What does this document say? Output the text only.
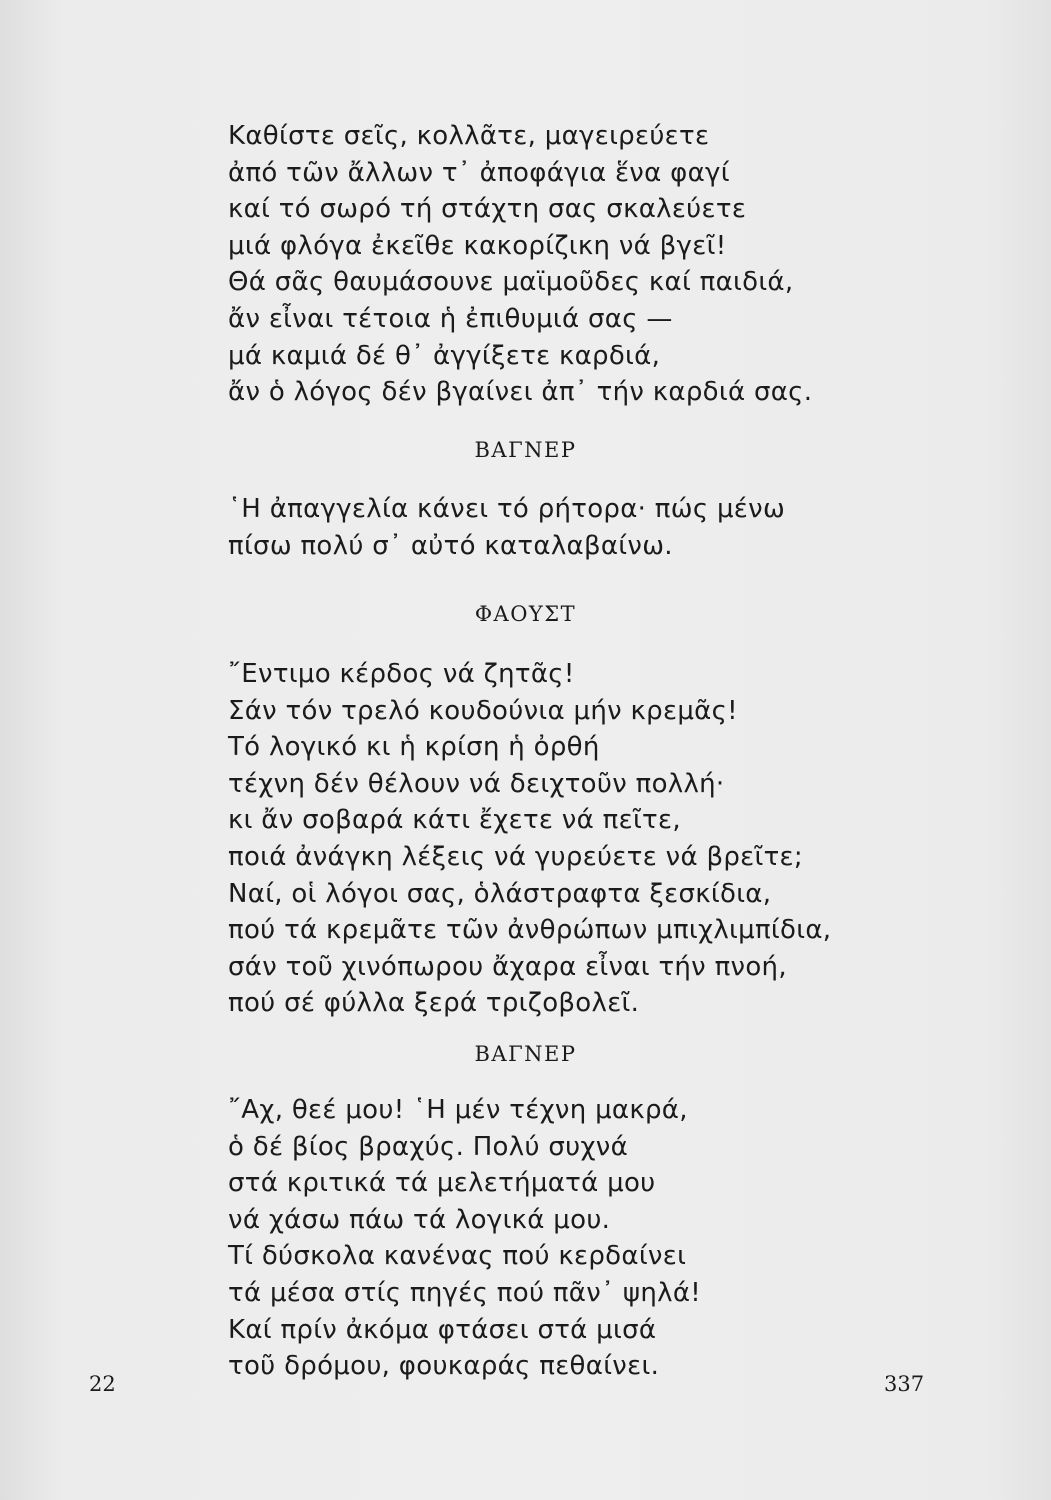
Καθίστε σεῖς, κολλᾶτε, μαγειρεύετε
ἀπό τῶν ἄλλων τ᾽ ἀποφάγια ἕνα φαγί
καί τό σωρό τή στάχτη σας σκαλεύετε
μιά φλόγα ἐκεῖθε κακορίζικη νά βγεῖ!
Θά σᾶς θαυμάσουνε μαϊμοῦδες καί παιδιά,
ἄν εἶναι τέτοια ἡ ἐπιθυμιά σας —
μά καμιά δέ θ᾽ ἀγγίξετε καρδιά,
ἄν ὁ λόγος δέν βγαίνει ἀπ᾽ τήν καρδιά σας.
ΒΑΓΝΕΡ
῾Η ἀπαγγελία κάνει τό ρήτορα· πώς μένω
πίσω πολύ σ᾽ αὐτό καταλαβαίνω.
ΦΑΟΥΣΤ
῎Εντιμο κέρδος νά ζητᾶς!
Σάν τόν τρελό κουδούνια μήν κρεμᾶς!
Τό λογικό κι ἡ κρίση ἡ ὀρθή
τέχνη δέν θέλουν νά δειχτοῦν πολλή·
κι ἄν σοβαρά κάτι ἔχετε νά πεῖτε,
ποιά ἀνάγκη λέξεις νά γυρεύετε νά βρεῖτε;
Ναί, οἱ λόγοι σας, ὁλάστραφτα ξεσκίδια,
πού τά κρεμᾶτε τῶν ἀνθρώπων μπιχλιμπίδια,
σάν τοῦ χινόπωρου ἄχαρα εἶναι τήν πνοή,
πού σέ φύλλα ξερά τριζοβολεῖ.
ΒΑΓΝΕΡ
῎Αχ, θεέ μου! ῾Η μέν τέχνη μακρά,
ὁ δέ βίος βραχύς. Πολύ συχνά
στά κριτικά τά μελετήματά μου
νά χάσω πάω τά λογικά μου.
Τί δύσκολα κανένας πού κερδαίνει
τά μέσα στίς πηγές πού πᾶν᾽ ψηλά!
Καί πρίν ἀκόμα φτάσει στά μισά
τοῦ δρόμου, φουκαράς πεθαίνει.
22	337
